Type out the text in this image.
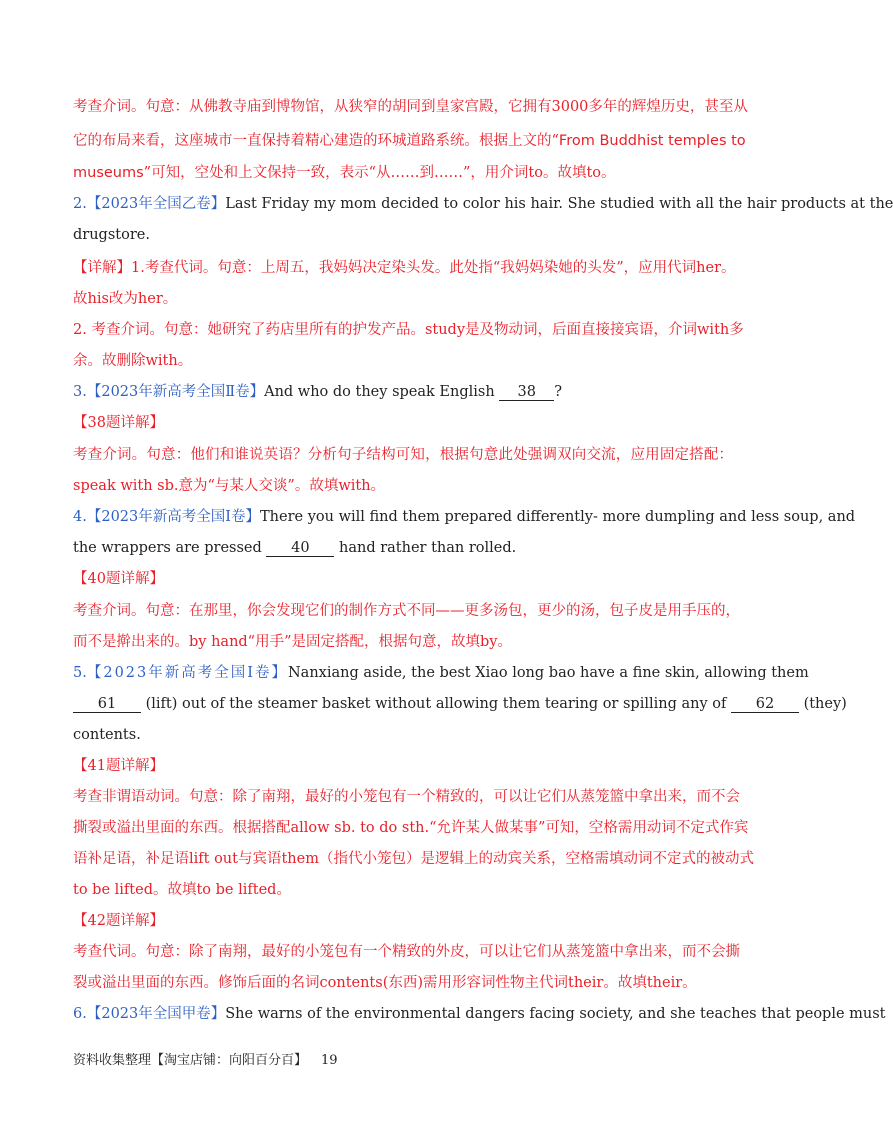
考查介词。句意：从佛教寺庙到博物馆，从狭窄的胡同到皇家宫殿，它拥有3000多年的辉煌历史，甚至从
它的布局来看，这座城市一直保持着精心建造的环城道路系统。根据上文的“From Buddhist temples to
museums”可知，空处和上文保持一致，表示“从……到……”，用介词to。故填to。
2.【2023年全国乙卷】Last Friday my mom decided to color his hair. She studied with all the hair products at the
drugstore.
【详解】1.考查代词。句意：上周五，我妈妈决定染头发。此处指“我妈妈染她的头发”，应用代词her。
故his改为her。
2. 考查介词。句意：她研究了药店里所有的护发产品。study是及物动词，后面直接接宾语，介词with多
余。故删除with。
3.【2023年新高考全国Ⅱ卷】And who do they speak English 38 ?
【38题详解】
考查介词。句意：他们和谁说英语？分析句子结构可知，根据句意此处强调双向交流，应用固定搭配：
speak with sb.意为“与某人交谈”。故填with。
4.【2023年新高考全国Ⅰ卷】There you will find them prepared differently- more dumpling and less soup, and
the wrappers are pressed 40 hand rather than rolled.
【40题详解】
考查介词。句意：在那里，你会发现它们的制作方式不同——更多汤包，更少的汤，包子皮是用手压的，
而不是擀出来的。by hand“用手”是固定搭配，根据句意，故填by。
5.【2023年新高考全国Ⅰ卷】Nanxiang aside, the best Xiao long bao have a fine skin, allowing them
61 (lift) out of the steamer basket without allowing them tearing or spilling any of 62 (they)
contents.
【41题详解】
考查非谓语动词。句意：除了南翔，最好的小笼包有一个精致的，可以让它们从蒸笼篮中拿出来，而不会
撕裂或溢出里面的东西。根据搭配allow sb. to do sth.“允许某人做某事”可知，空格需用动词不定式作宾
语补足语，补足语lift out与宾语them（指代小笼包）是逻辑上的动宾关系，空格需填动词不定式的被动式
to be lifted。故填to be lifted。
【42题详解】
考查代词。句意：除了南翔，最好的小笼包有一个精致的外皮，可以让它们从蒸笼篮中拿出来，而不会撕
裂或溢出里面的东西。修饰后面的名词contents(东西)需用形容词性物主代词their。故填their。
6.【2023年全国甲卷】She warns of the environmental dangers facing society, and she teaches that people must
资料收集整理【淘宝店铺：向阳百分百】 19
